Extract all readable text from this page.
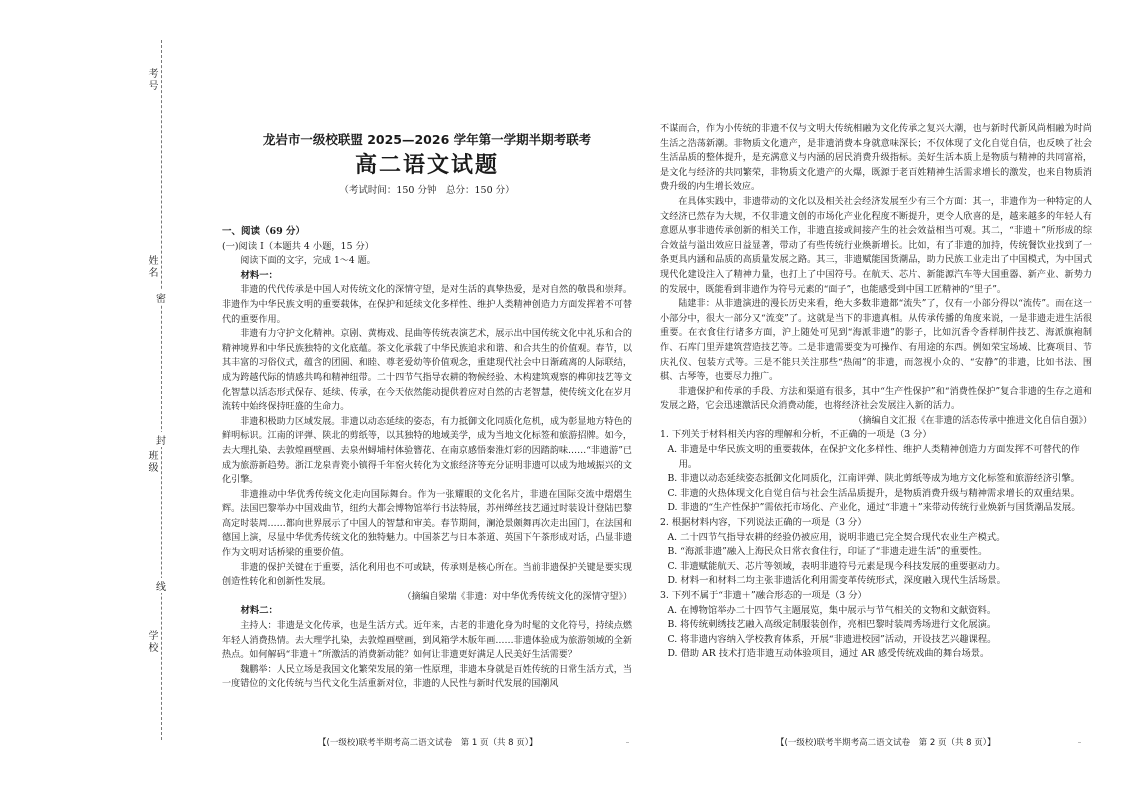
考号
姓名
班级
学校
密
封
线
龙岩市一级校联盟 2025—2026 学年第一学期半期考联考
高二语文试题
（考试时间：150 分钟　总分：150 分）

一、阅读（69 分）

(一)阅读 I（本题共 4 小题，15 分）

阅读下面的文字，完成 1～4 题。

材料一：

非遗的代代传承是中国人对传统文化的深情守望，是对生活的真挚热爱，是对自然的敬畏和崇拜。非遗作为中华民族文明的重要载体，在保护和延续文化多样性、维护人类精神创造力方面发挥着不可替代的重要作用。

非遗有力守护文化精神。京剧、黄梅戏、昆曲等传统表演艺术，展示出中国传统文化中礼乐和合的精神境界和中华民族独特的文化底蕴。茶文化承载了中华民族追求和谐、和合共生的价值观。春节，以其丰富的习俗仪式，蕴含的团圆、和睦、尊老爱幼等价值观念，重建现代社会中日渐疏离的人际联结，成为跨越代际的情感共鸣和精神纽带。二十四节气指导农耕的物候经验、木构建筑观察的榫卯技艺等文化智慧以活态形式保存、延续、传承，在今天依然能动提供着应对自然的古老智慧，使传统文化在岁月流转中始终保持旺盛的生命力。

非遗积极助力区域发展。非遗以动态延续的姿态，有力抵御文化同质化危机，成为彰显地方特色的鲜明标识。江南的评弹、陕北的剪纸等，以其独特的地域美学，成为当地文化标签和旅游招牌。如今，去大理扎染、去敦煌画壁画、去泉州蟳埔村体验簪花、在南京感悟秦淮灯彩的因踏韵味……“非遗游”已成为旅游新趋势。浙江龙泉青瓷小镇得千年窑火转化为文旅经济等充分证明非遗可以成为地域振兴的文化引擎。

非遗推动中华优秀传统文化走向国际舞台。作为一张耀眼的文化名片，非遗在国际交流中熠熠生辉。法国巴黎举办中国戏曲节，纽约大都会博物馆举行书法特展，苏州缂丝技艺通过时装设计登陆巴黎高定时装周……都向世界展示了中国人的智慧和审美。春节期间，澜沧景颇舞再次走出国门，在法国和德国上演，尽显中华优秀传统文化的独特魅力。中国茶艺与日本茶道、英国下午茶形成对话，凸显非遗作为文明对话桥梁的重要价值。

非遗的保护关键在于重要，活化利用也不可或缺，传承则是核心所在。当前非遗保护关键是要实现创造性转化和创新性发展。

（摘编自梁瑞《非遗：对中华优秀传统文化的深情守望》）

材料二：

主持人：非遗是文化传承，也是生活方式。近年来，古老的非遗化身为时髦的文化符号，持续点燃年轻人消费热情。去大理学扎染，去敦煌画壁画，到风箱学木版年画……非遗体验成为旅游领域的全新热点。如何解码“非遗＋”所激活的消费新动能？如何让非遗更好满足人民美好生活需要？

魏鹏举：人民立场是我国文化繁荣发展的第一性原理，非遗本身就是百姓传统的日常生活方式，当一度错位的文化传统与当代文化生活重新对位，非遗的人民性与新时代发展的国潮风

【(一级校)联考半期考高二语文试卷　第 1 页（共 8 页）】

不谋而合，作为小传统的非遗不仅与文明大传统相融为文化传承之复兴大潮，也与新时代新风尚相融为时尚生活之浩荡新潮。非物质文化遗产，是非遗消费本身就意味深长；不仅体现了文化自觉自信，也反映了社会生活品质的整体提升，是充满意义与内涵的居民消费升级指标。美好生活本质上是物质与精神的共同富裕，是文化与经济的共同繁荣，非物质文化遗产的火爆，既源于老百姓精神生活需求增长的激发，也来自物质消费升级的内生增长效应。

在具体实践中，非遗带动的文化以及相关社会经济发展至少有三个方面：其一，非遗作为一种特定的人文经济已然存为大规，不仅非遗文创的市场化产业化程度不断提升，更令人欣喜的是，越来越多的年轻人有意愿从事非遗传承创新的相关工作，非遗直接或间接产生的社会效益相当可观。其二，“非遗＋”所形成的综合效益与溢出效应日益显著，带动了有些传统行业焕新增长。比如，有了非遗的加持，传统餐饮业找到了一条更具内涵和品质的高质量发展之路。其三，非遗赋能国货潮品，助力民族工业走出了中国模式，为中国式现代化建设注入了精神力量，也打上了中国符号。在航天、芯片、新能源汽车等大国重器、新产业、新势力的发展中，既能看到非遗作为符号元素的“面子”，也能感受到中国工匠精神的“里子”。

陆建非：从非遗演进的漫长历史来看，绝大多数非遗都“流失”了，仅有一小部分得以“流传”。而在这一小部分中，很大一部分又“流变”了。这就是当下的非遗真相。从传承传播的角度来说，一是非遗走进生活很重要。在衣食住行诸多方面，沪上随处可见到“海派非遗”的影子，比如沉香令香样制件技艺、海派旗袍制作、石库门里弄建筑营造技艺等。二是非遗需要变为可操作、有用途的东西。例如荣宝场域、比赛项目、节庆礼仪、包装方式等。三是不能只关注那些“热闹”的非遗，而忽视小众的、“安静”的非遗，比如书法、围棋、古琴等，也要尽力推广。

非遗保护和传承的手段、方法和渠道有很多，其中“生产性保护”和“消费性保护”复合非遗的生存之道和发展之路，它会迅速激活民众消费动能，也将经济社会发展注入新的活力。

（摘编自文汇报《在非遗的活态传承中推进文化自信自强》）

1. 下列关于材料相关内容的理解和分析，不正确的一项是（3 分）

A. 非遗是中华民族文明的重要载体，在保护文化多样性、维护人类精神创造力方面发挥不可替代的作用。

B. 非遗以动态延续姿态抵御文化同质化，江南评弹、陕北剪纸等成为地方文化标签和旅游经济引擎。

C. 非遗的火热体现文化自觉自信与社会生活品质提升，是物质消费升级与精神需求增长的双重结果。

D. 非遗的“生产性保护”需依托市场化、产业化，通过“非遗＋”来带动传统行业焕新与国货潮品发展。

2. 根据材料内容，下列说法正确的一项是（3 分）

A. 二十四节气指导农耕的经验仍被应用，说明非遗已完全契合现代农业生产模式。

B. “海派非遗”融入上海民众日常衣食住行，印证了“非遗走进生活”的重要性。

C. 非遗赋能航天、芯片等领域，表明非遗符号元素是现今科技发展的重要驱动力。

D. 材料一和材料二均主张非遗活化利用需变革传统形式，深度融入现代生活场景。

3. 下列不属于“非遗＋”融合形态的一项是（3 分）

A. 在博物馆举办二十四节气主题展览，集中展示与节气相关的文物和文献资料。

B. 将传统刺绣技艺融入高级定制服装创作，亮相巴黎时装周秀场进行文化展演。

C. 将非遗内容纳入学校教育体系，开展“非遗进校园”活动，开设技艺兴趣课程。

D. 借助 AR 技术打造非遗互动体验项目，通过 AR 感受传统戏曲的舞台场景。

【(一级校)联考半期考高二语文试卷　第 2 页（共 8 页）】
